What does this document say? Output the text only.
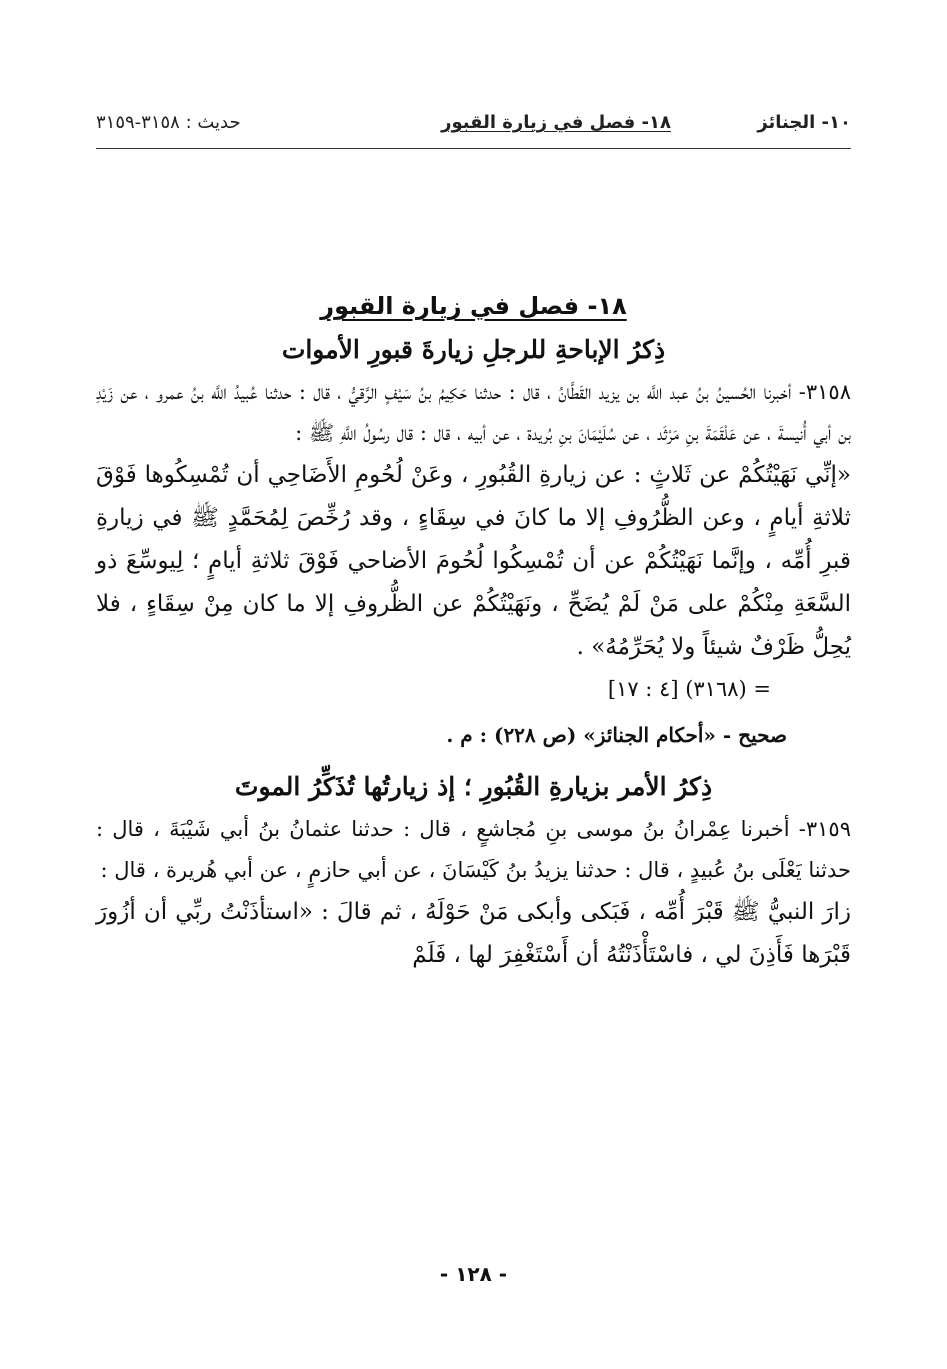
١٠- الجنائز
١٨- فصل في زيارة القبور
حديث : ٣١٥٨-٣١٥٩
١٨- فصل في زيارة القبور
ذِكرُ الإباحةِ للرجلِ زيارةَ قبورِ الأموات

٣١٥٨- أخبرنا الحُسينُ بنُ عبد اللَّه بن يزيد القَطَّانُ ، قال : حدثنا حَكِيمُ بنُ سَيْفٍ الرَّقيُّ ، قال : حدثنا عُبيدُ اللَّه بنُ عمرو ، عن زَيْدِ بن أبي أُنيسةَ ، عن عَلْقَمَةَ بنِ مَرْثَد ، عن سُلَيْمَانَ بنِ بُريدة ، عن أبيه ، قال : قال رسُولُ اللَّهِ ﷺ :

«إنِّي نَهَيْتُكُمْ عن ثَلاثٍ : عن زيارةِ القُبُورِ ، وعَنْ لُحُومِ الأَضَاحِي أن تُمْسِكُوها فَوْقَ ثلاثةِ أيامٍ ، وعن الظُّرُوفِ إلا ما كانَ في سِقَاءٍ ، وقد رُخِّصَ لِمُحَمَّدٍ ﷺ في زيارةِ قبرِ أُمِّه ، وإنَّما نَهَيْتُكُمْ عن أن تُمْسِكُوا لُحُومَ الأضاحي فَوْقَ ثلاثةِ أيامٍ ؛ لِيوسِّعَ ذو السَّعَةِ مِنْكُمْ على مَنْ لَمْ يُضَحِّ ، ونَهَيْتُكُمْ عن الظُّروفِ إلا ما كان مِنْ سِقَاءٍ ، فلا يُحِلُّ ظَرْفٌ شيئاً ولا يُحَرِّمُهُ» .

= (٣١٦٨) [٤ : ١٧]

صحيح - «أحكام الجنائز» (ص ٢٢٨) : م .

ذِكرُ الأمر بزيارةِ القُبُورِ ؛ إذ زيارتُها تُذَكِّرُ الموتَ

٣١٥٩- أخبرنا عِمْرانُ بنُ موسى بنِ مُجاشعٍ ، قال : حدثنا عثمانُ بنُ أبي شَيْبَةَ ، قال : حدثنا يَعْلَى بنُ عُبيدٍ ، قال : حدثنا يزيدُ بنُ كَيْسَانَ ، عن أبي حازمٍ ، عن أبي هُريرة ، قال :

زارَ النبيُّ ﷺ قَبْرَ أُمِّه ، فَبَكى وأبكى مَنْ حَوْلَهُ ، ثم قالَ : «استأذَنْتُ ربِّي أن أزُورَ قَبْرَها فَأَذِنَ لي ، فاسْتَأْذَنْتُهُ أن أَسْتَغْفِرَ لها ، فَلَمْ

- ١٢٨ -
